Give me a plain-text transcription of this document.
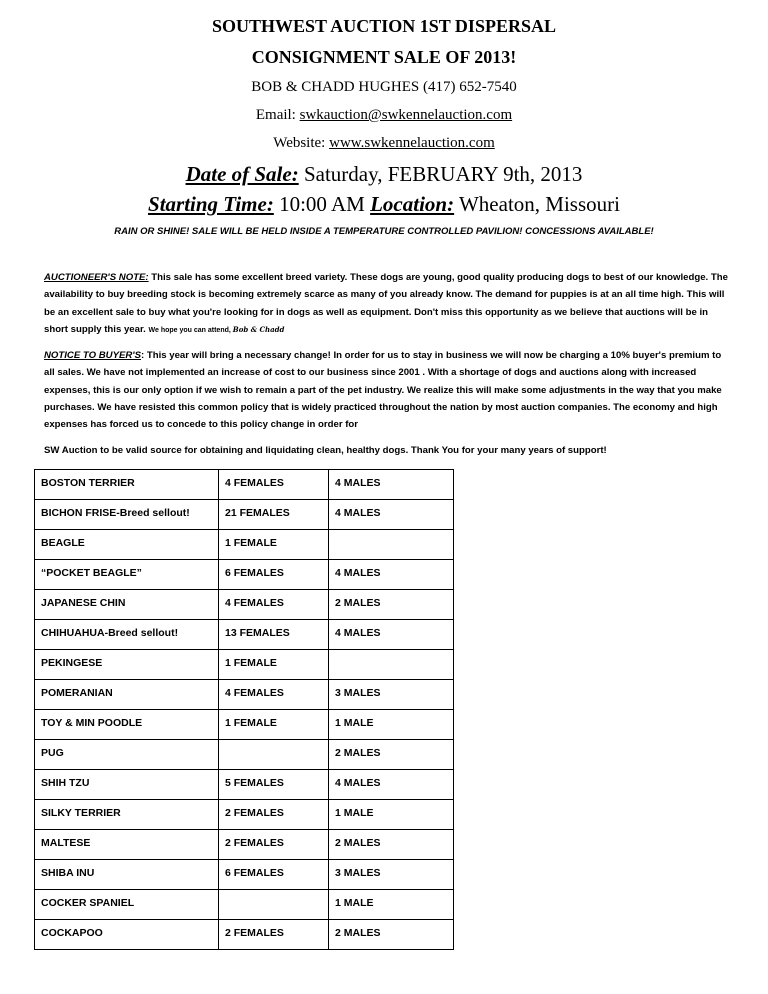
SOUTHWEST AUCTION 1ST DISPERSAL
CONSIGNMENT SALE OF 2013!
BOB & CHADD HUGHES (417) 652-7540
Email: swkauction@swkennelauction.com
Website: www.swkennelauction.com
Date of Sale: Saturday, FEBRUARY 9th, 2013
Starting Time: 10:00 AM Location: Wheaton, Missouri
RAIN OR SHINE! SALE WILL BE HELD INSIDE A TEMPERATURE CONTROLLED PAVILION! CONCESSIONS AVAILABLE!

AUCTIONEER'S NOTE: This sale has some excellent breed variety. These dogs are young, good quality producing dogs to best of our knowledge. The availability to buy breeding stock is becoming extremely scarce as many of you already know. The demand for puppies is at an all time high. This will be an excellent sale to buy what you're looking for in dogs as well as equipment. Don't miss this opportunity as we believe that auctions will be in short supply this year. We hope you can attend, Bob & Chadd

NOTICE TO BUYER'S: This year will bring a necessary change! In order for us to stay in business we will now be charging a 10% buyer's premium to all sales. We have not implemented an increase of cost to our business since 2001 . With a shortage of dogs and auctions along with increased expenses, this is our only option if we wish to remain a part of the pet industry. We realize this will make some adjustments in the way that you make purchases. We have resisted this common policy that is widely practiced throughout the nation by most auction companies. The economy and high expenses has forced us to concede to this policy change in order for

SW Auction to be valid source for obtaining and liquidating clean, healthy dogs. Thank You for your many years of support!

BOSTON TERRIER	4 FEMALES	4 MALES
BICHON FRISE-Breed sellout!	21 FEMALES	4 MALES
BEAGLE	1 FEMALE	
“POCKET BEAGLE”	6 FEMALES	4 MALES
JAPANESE CHIN	4 FEMALES	2 MALES
CHIHUAHUA-Breed sellout!	13 FEMALES	4 MALES
PEKINGESE	1 FEMALE	
POMERANIAN	4 FEMALES	3 MALES
TOY & MIN POODLE	1 FEMALE	1 MALE
PUG		2 MALES
SHIH TZU	5 FEMALES	4 MALES
SILKY TERRIER	2 FEMALES	1 MALE
MALTESE	2 FEMALES	2 MALES
SHIBA INU	6 FEMALES	3 MALES
COCKER SPANIEL		1 MALE
COCKAPOO	2 FEMALES	2 MALES
